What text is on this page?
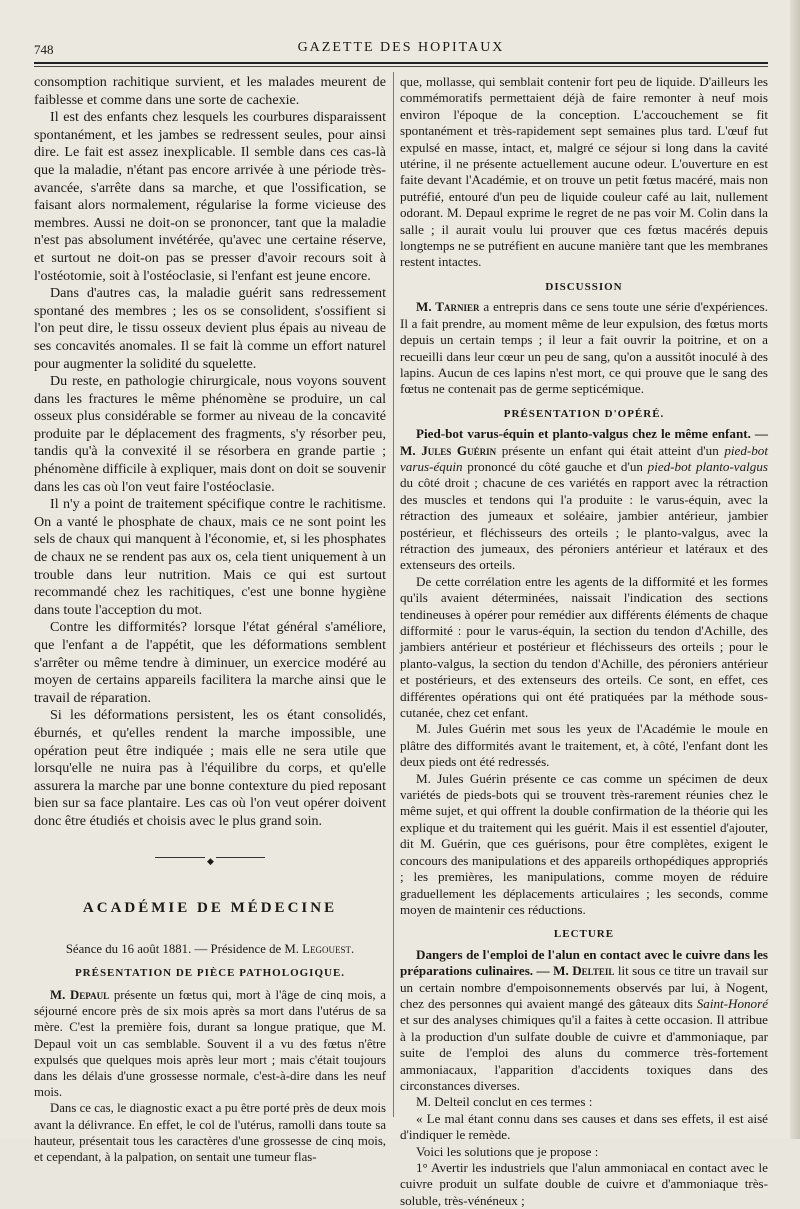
748	GAZETTE DES HOPITAUX

consomption rachitique survient, et les malades meurent de faiblesse et comme dans une sorte de cachexie.

Il est des enfants chez lesquels les courbures disparaissent spontanément, et les jambes se redressent seules, pour ainsi dire. Le fait est assez inexplicable. Il semble dans ces cas-là que la maladie, n'étant pas encore arrivée à une période très-avancée, s'arrête dans sa marche, et que l'ossification, se faisant alors normalement, régularise la forme vicieuse des membres. Aussi ne doit-on se prononcer, tant que la maladie n'est pas absolument invétérée, qu'avec une certaine réserve, et surtout ne doit-on pas se presser d'avoir recours soit à l'ostéotomie, soit à l'ostéoclasie, si l'enfant est jeune encore.

Dans d'autres cas, la maladie guérit sans redressement spontané des membres ; les os se consolident, s'ossifient si l'on peut dire, le tissu osseux devient plus épais au niveau de ses concavités anomales. Il se fait là comme un effort naturel pour augmenter la solidité du squelette.

Du reste, en pathologie chirurgicale, nous voyons souvent dans les fractures le même phénomène se produire, un cal osseux plus considérable se former au niveau de la concavité produite par le déplacement des fragments, s'y résorber peu, tandis qu'à la convexité il se résorbera en grande partie ; phénomène difficile à expliquer, mais dont on doit se souvenir dans les cas où l'on veut faire l'ostéoclasie.

Il n'y a point de traitement spécifique contre le rachitisme. On a vanté le phosphate de chaux, mais ce ne sont point les sels de chaux qui manquent à l'économie, et, si les phosphates de chaux ne se rendent pas aux os, cela tient uniquement à un trouble dans leur nutrition. Mais ce qui est surtout recommandé chez les rachitiques, c'est une bonne hygiène dans toute l'acception du mot.

Contre les difformités? lorsque l'état général s'améliore, que l'enfant a de l'appétit, que les déformations semblent s'arrêter ou même tendre à diminuer, un exercice modéré au moyen de certains appareils facilitera la marche ainsi que le travail de réparation.

Si les déformations persistent, les os étant consolidés, éburnés, et qu'elles rendent la marche impossible, une opération peut être indiquée ; mais elle ne sera utile que lorsqu'elle ne nuira pas à l'équilibre du corps, et qu'elle assurera la marche par une bonne contexture du pied reposant bien sur sa face plantaire. Les cas où l'on veut opérer doivent donc être étudiés et choisis avec le plus grand soin.

◆
ACADÉMIE DE MÉDECINE
Séance du 16 août 1881. — Présidence de M. Legouest.
PRÉSENTATION DE PIÈCE PATHOLOGIQUE.

M. Depaul présente un fœtus qui, mort à l'âge de cinq mois, a séjourné encore près de six mois après sa mort dans l'utérus de sa mère. C'est la première fois, durant sa longue pratique, que M. Depaul voit un cas semblable. Souvent il a vu des fœtus n'être expulsés que quelques mois après leur mort ; mais c'était toujours dans les délais d'une grossesse normale, c'est-à-dire dans les neuf mois.

Dans ce cas, le diagnostic exact a pu être porté près de deux mois avant la délivrance. En effet, le col de l'utérus, ramolli dans toute sa hauteur, présentait tous les caractères d'une grossesse de cinq mois, et cependant, à la palpation, on sentait une tumeur flas-

que, mollasse, qui semblait contenir fort peu de liquide. D'ailleurs les commémoratifs permettaient déjà de faire remonter à neuf mois environ l'époque de la conception. L'accouchement se fit spontanément et très-rapidement sept semaines plus tard. L'œuf fut expulsé en masse, intact, et, malgré ce séjour si long dans la cavité utérine, il ne présente actuellement aucune odeur. L'ouverture en est faite devant l'Académie, et on trouve un petit fœtus macéré, mais non putréfié, entouré d'un peu de liquide couleur café au lait, nullement odorant. M. Depaul exprime le regret de ne pas voir M. Colin dans la salle ; il aurait voulu lui prouver que ces fœtus macérés depuis longtemps ne se putréfient en aucune manière tant que les membranes restent intactes.

DISCUSSION

M. Tarnier a entrepris dans ce sens toute une série d'expériences. Il a fait prendre, au moment même de leur expulsion, des fœtus morts depuis un certain temps ; il leur a fait ouvrir la poitrine, et on a recueilli dans leur cœur un peu de sang, qu'on a aussitôt inoculé à des lapins. Aucun de ces lapins n'est mort, ce qui prouve que le sang des fœtus ne contenait pas de germe septicémique.

PRÉSENTATION D'OPÉRÉ.

Pied-bot varus-équin et planto-valgus chez le même enfant. — M. Jules Guérin présente un enfant qui était atteint d'un pied-bot varus-équin prononcé du côté gauche et d'un pied-bot planto-valgus du côté droit ; chacune de ces variétés en rapport avec la rétraction des muscles et tendons qui l'a produite : le varus-équin, avec la rétraction des jumeaux et soléaire, jambier antérieur, jambier postérieur, et fléchisseurs des orteils ; le planto-valgus, avec la rétraction des jumeaux, des péroniers antérieur et latéraux et des extenseurs des orteils.

De cette corrélation entre les agents de la difformité et les formes qu'ils avaient déterminées, naissait l'indication des sections tendineuses à opérer pour remédier aux différents éléments de chaque difformité : pour le varus-équin, la section du tendon d'Achille, des jambiers antérieur et postérieur et fléchisseurs des orteils ; pour le planto-valgus, la section du tendon d'Achille, des péroniers antérieur et postérieurs, et des extenseurs des orteils. Ce sont, en effet, ces différentes opérations qui ont été pratiquées par la méthode sous-cutanée, chez cet enfant.

M. Jules Guérin met sous les yeux de l'Académie le moule en plâtre des difformités avant le traitement, et, à côté, l'enfant dont les deux pieds ont été redressés.

M. Jules Guérin présente ce cas comme un spécimen de deux variétés de pieds-bots qui se trouvent très-rarement réunies chez le même sujet, et qui offrent la double confirmation de la théorie qui les explique et du traitement qui les guérit. Mais il est essentiel d'ajouter, dit M. Guérin, que ces guérisons, pour être complètes, exigent le concours des manipulations et des appareils orthopédiques appropriés ; les premières, les manipulations, comme moyen de réduire graduellement les déplacements articulaires ; les seconds, comme moyen de maintenir ces réductions.

LECTURE

Dangers de l'emploi de l'alun en contact avec le cuivre dans les préparations culinaires. — M. Delteil lit sous ce titre un travail sur un certain nombre d'empoisonnements observés par lui, à Nogent, chez des personnes qui avaient mangé des gâteaux dits Saint-Honoré et sur des analyses chimiques qu'il a faites à cette occasion. Il attribue à la production d'un sulfate double de cuivre et d'ammoniaque, par suite de l'emploi des aluns du commerce très-fortement ammoniacaux, l'apparition d'accidents toxiques dans des circonstances diverses.

M. Delteil conclut en ces termes :

« Le mal étant connu dans ses causes et dans ses effets, il est aisé d'indiquer le remède.

Voici les solutions que je propose :

1° Avertir les industriels que l'alun ammoniacal en contact avec le cuivre produit un sulfate double de cuivre et d'ammoniaque très-soluble, très-vénéneux ;
